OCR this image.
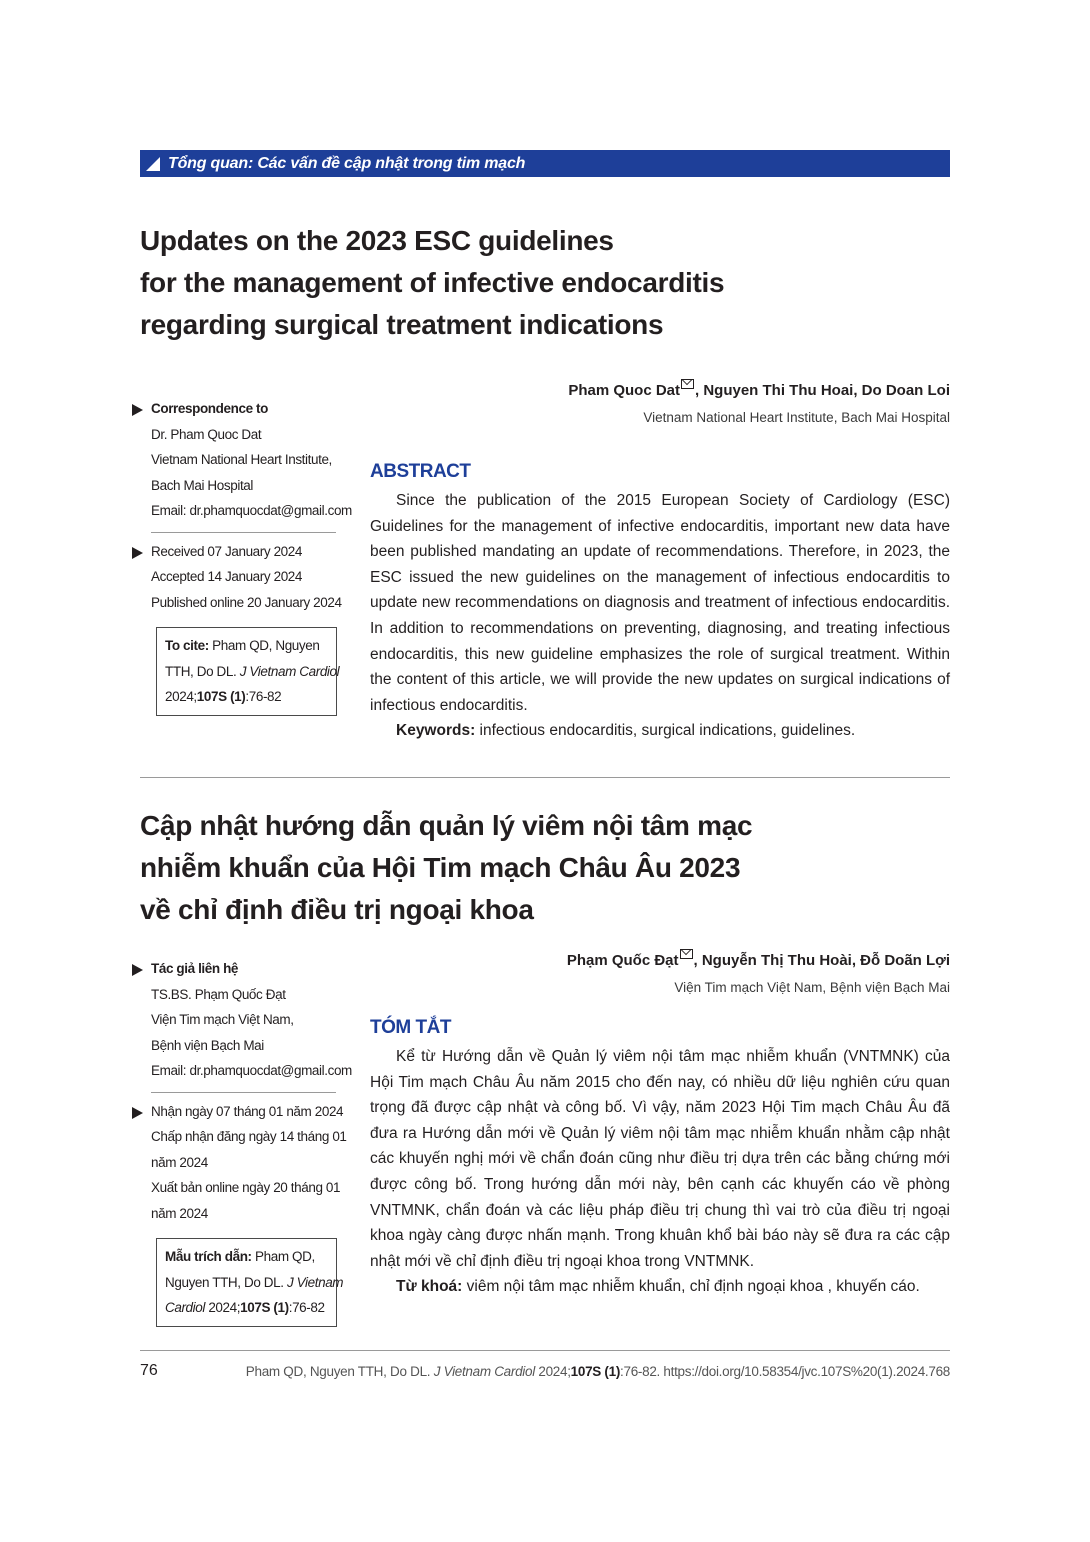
Tổng quan: Các vấn đề cập nhật trong tim mạch
Updates on the 2023 ESC guidelines
for the management of infective endocarditis
regarding surgical treatment indications
Pham Quoc Dat , Nguyen Thi Thu Hoai, Do Doan Loi
Vietnam National Heart Institute, Bach Mai Hospital
Correspondence to
Dr. Pham Quoc Dat
Vietnam National Heart Institute,
Bach Mai Hospital
Email: dr.phamquocdat@gmail.com
Received 07 January 2024
Accepted 14 January 2024
Published online 20 January 2024
To cite: Pham QD, Nguyen
TTH, Do DL. J Vietnam Cardiol
2024;107S (1):76-82
ABSTRACT

Since the publication of the 2015 European Society of Cardiology (ESC) Guidelines for the management of infective endocarditis, important new data have been published mandating an update of recommendations. Therefore, in 2023, the ESC issued the new guidelines on the management of infectious endocarditis to update new recommendations on diagnosis and treatment of infectious endocarditis. In addition to recommendations on preventing, diagnosing, and treating infectious endocarditis, this new guideline emphasizes the role of surgical treatment. Within the content of this article, we will provide the new updates on surgical indications of infectious endocarditis.

Keywords: infectious endocarditis, surgical indications, guidelines.

Cập nhật hướng dẫn quản lý viêm nội tâm mạc
nhiễm khuẩn của Hội Tim mạch Châu Âu 2023
về chỉ định điều trị ngoại khoa
Phạm Quốc Đạt , Nguyễn Thị Thu Hoài, Đỗ Doãn Lợi
Viện Tim mạch Việt Nam, Bệnh viện Bạch Mai
Tác giả liên hệ
TS.BS. Phạm Quốc Đạt
Viện Tim mạch Việt Nam,
Bệnh viện Bạch Mai
Email: dr.phamquocdat@gmail.com
Nhận ngày 07 tháng 01 năm 2024
Chấp nhận đăng ngày 14 tháng 01
năm 2024
Xuất bản online ngày 20 tháng 01
năm 2024
Mẫu trích dẫn: Pham QD,
Nguyen TTH, Do DL. J Vietnam
Cardiol 2024;107S (1):76-82
TÓM TẮT

Kể từ Hướng dẫn về Quản lý viêm nội tâm mạc nhiễm khuẩn (VNTMNK) của Hội Tim mạch Châu Âu năm 2015 cho đến nay, có nhiều dữ liệu nghiên cứu quan trọng đã được cập nhật và công bố. Vì vậy, năm 2023 Hội Tim mạch Châu Âu đã đưa ra Hướng dẫn mới về Quản lý viêm nội tâm mạc nhiễm khuẩn nhằm cập nhật các khuyến nghị mới về chẩn đoán cũng như điều trị dựa trên các bằng chứng mới được công bố. Trong hướng dẫn mới này, bên cạnh các khuyến cáo về phòng VNTMNK, chẩn đoán và các liệu pháp điều trị chung thì vai trò của điều trị ngoại khoa ngày càng được nhấn mạnh. Trong khuân khổ bài báo này sẽ đưa ra các cập nhật mới về chỉ định điều trị ngoại khoa trong VNTMNK.

Từ khoá: viêm nội tâm mạc nhiễm khuẩn, chỉ định ngoại khoa , khuyến cáo.

76	Pham QD, Nguyen TTH, Do DL. J Vietnam Cardiol 2024;107S (1):76-82. https://doi.org/10.58354/jvc.107S%20(1).2024.768
